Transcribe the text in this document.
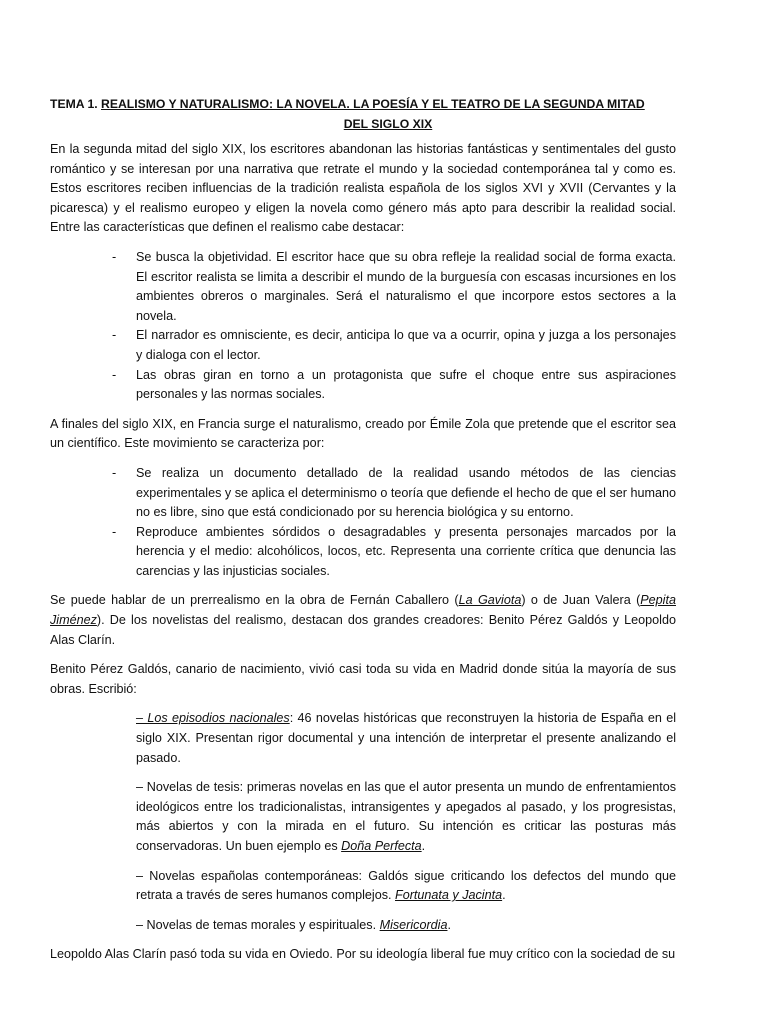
TEMA 1. REALISMO Y NATURALISMO: LA NOVELA. LA POESÍA Y EL TEATRO DE LA SEGUNDA MITAD
DEL SIGLO XIX

En la segunda mitad del siglo XIX, los escritores abandonan las historias fantásticas y sentimentales del gusto romántico y se interesan por una narrativa que retrate el mundo y la sociedad contemporánea tal y como es. Estos escritores reciben influencias de la tradición realista española de los siglos XVI y XVII (Cervantes y la picaresca) y el realismo europeo y eligen la novela como género más apto para describir la realidad social. Entre las características que definen el realismo cabe destacar:

- Se busca la objetividad. El escritor hace que su obra refleje la realidad social de forma exacta. El escritor realista se limita a describir el mundo de la burguesía con escasas incursiones en los ambientes obreros o marginales. Será el naturalismo el que incorpore estos sectores a la novela.
- El narrador es omnisciente, es decir, anticipa lo que va a ocurrir, opina y juzga a los personajes y dialoga con el lector.
- Las obras giran en torno a un protagonista que sufre el choque entre sus aspiraciones personales y las normas sociales.

A finales del siglo XIX, en Francia surge el naturalismo, creado por Émile Zola que pretende que el escritor sea un científico. Este movimiento se caracteriza por:

- Se realiza un documento detallado de la realidad usando métodos de las ciencias experimentales y se aplica el determinismo o teoría que defiende el hecho de que el ser humano no es libre, sino que está condicionado por su herencia biológica y su entorno.
- Reproduce ambientes sórdidos o desagradables y presenta personajes marcados por la herencia y el medio: alcohólicos, locos, etc. Representa una corriente crítica que denuncia las carencias y las injusticias sociales.

Se puede hablar de un prerrealismo en la obra de Fernán Caballero (La Gaviota) o de Juan Valera (Pepita Jiménez). De los novelistas del realismo, destacan dos grandes creadores: Benito Pérez Galdós y Leopoldo Alas Clarín.

Benito Pérez Galdós, canario de nacimiento, vivió casi toda su vida en Madrid donde sitúa la mayoría de sus obras. Escribió:

– Los episodios nacionales: 46 novelas históricas que reconstruyen la historia de España en el siglo XIX. Presentan rigor documental y una intención de interpretar el presente analizando el pasado.
– Novelas de tesis: primeras novelas en las que el autor presenta un mundo de enfrentamientos ideológicos entre los tradicionalistas, intransigentes y apegados al pasado, y los progresistas, más abiertos y con la mirada en el futuro. Su intención es criticar las posturas más conservadoras. Un buen ejemplo es Doña Perfecta.
– Novelas españolas contemporáneas: Galdós sigue criticando los defectos del mundo que retrata a través de seres humanos complejos. Fortunata y Jacinta.
– Novelas de temas morales y espirituales. Misericordia.

Leopoldo Alas Clarín pasó toda su vida en Oviedo. Por su ideología liberal fue muy crítico con la sociedad de su
